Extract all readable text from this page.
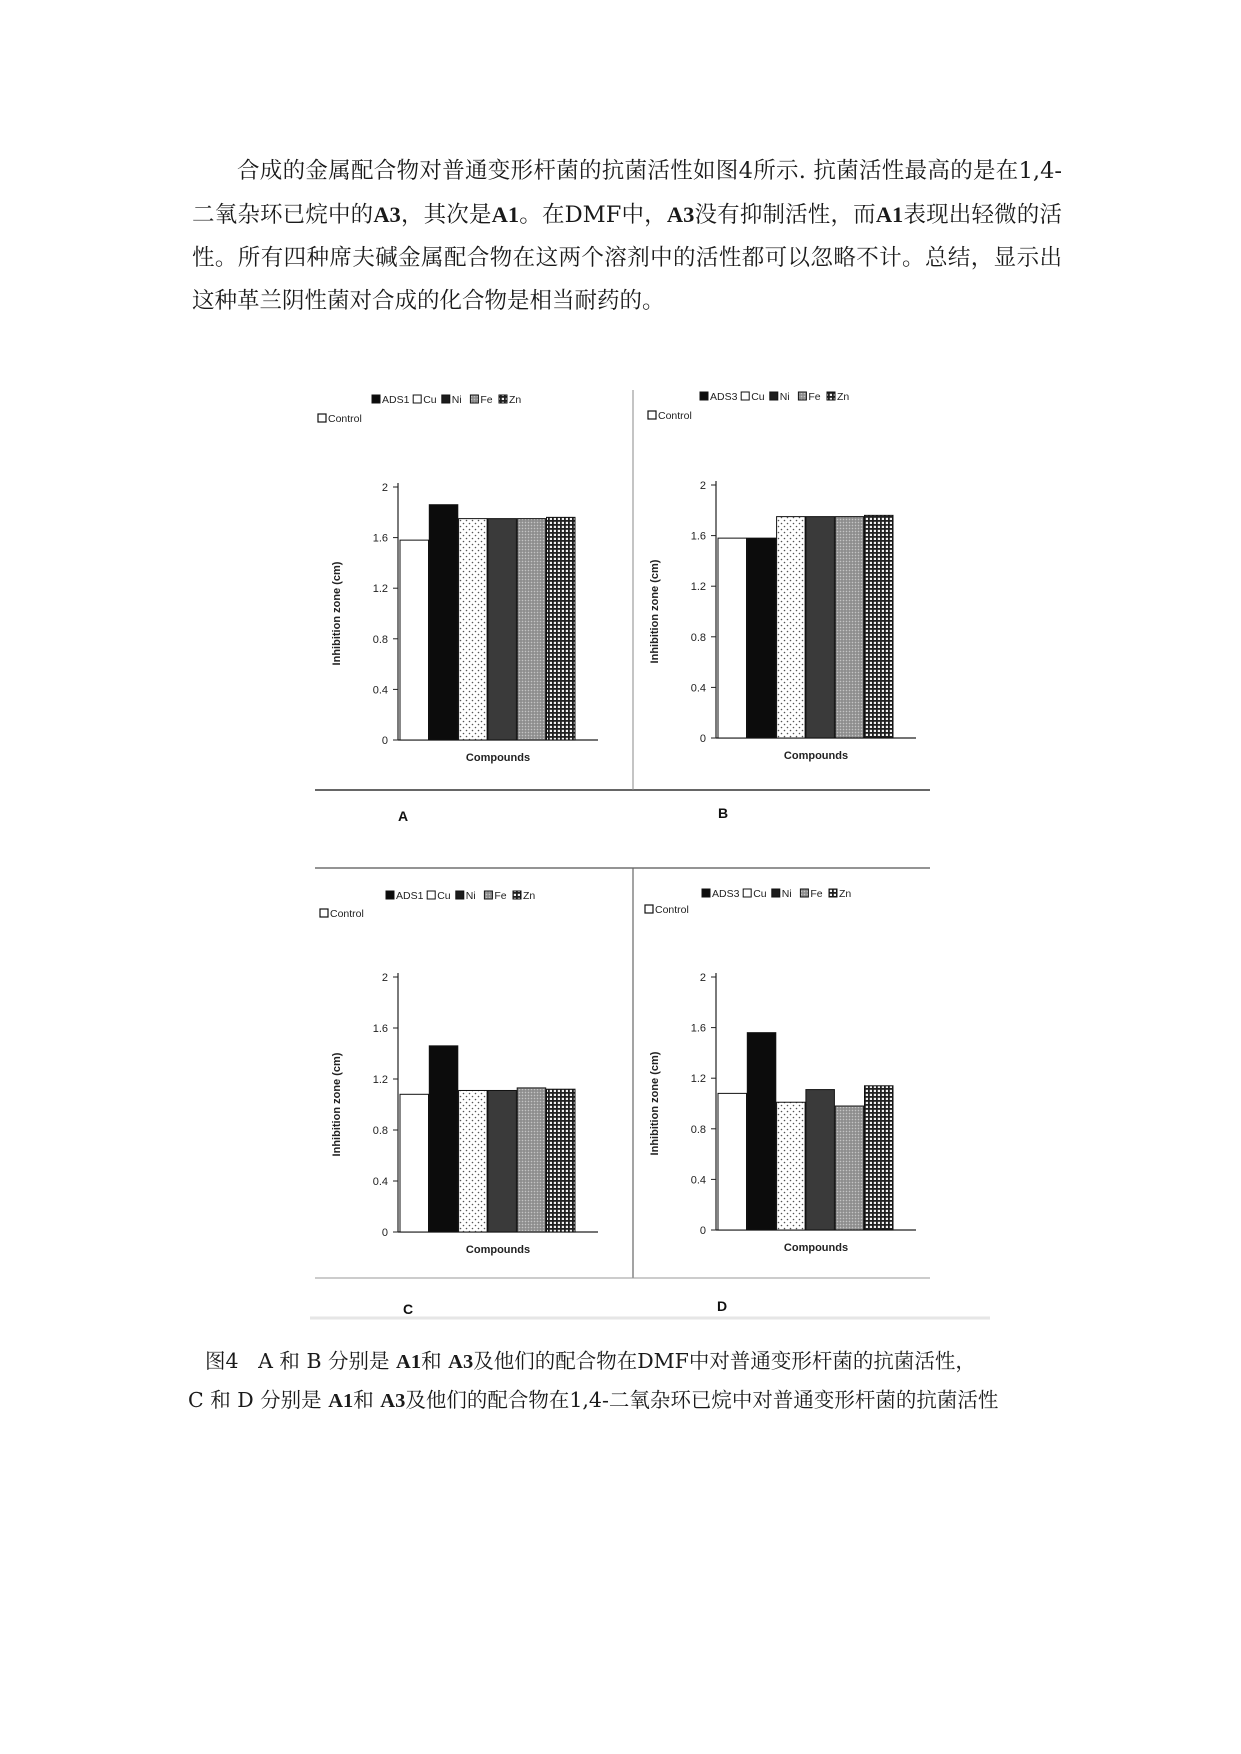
合成的金属配合物对普通变形杆菌的抗菌活性如图4所示. 抗菌活性最高的是在1,4-二氧杂环已烷中的A3，其次是A1。在DMF中，A3没有抑制活性，而A1表现出轻微的活性。所有四种席夫碱金属配合物在这两个溶剂中的活性都可以忽略不计。总结，显示出这种革兰阴性菌对合成的化合物是相当耐药的。

0
0.4
0.8
1.2
1.6
2
Inhibition zone (cm)
Compounds
ADS1 Cu Ni Fe Zn
Control
A
0
0.4
0.8
1.2
1.6
2
Inhibition zone (cm)
Compounds
ADS3 Cu Ni Fe Zn
Control
B
0
0.4
0.8
1.2
1.6
2
Inhibition zone (cm)
Compounds
ADS1 Cu Ni Fe Zn
Control
C
0
0.4
0.8
1.2
1.6
2
Inhibition zone (cm)
Compounds
ADS3 Cu Ni Fe Zn
Control
D
图4 A 和 B 分别是 A1和 A3及他们的配合物在DMF中对普通变形杆菌的抗菌活性，
C 和 D 分别是 A1和 A3及他们的配合物在1,4-二氧杂环已烷中对普通变形杆菌的抗菌活性
